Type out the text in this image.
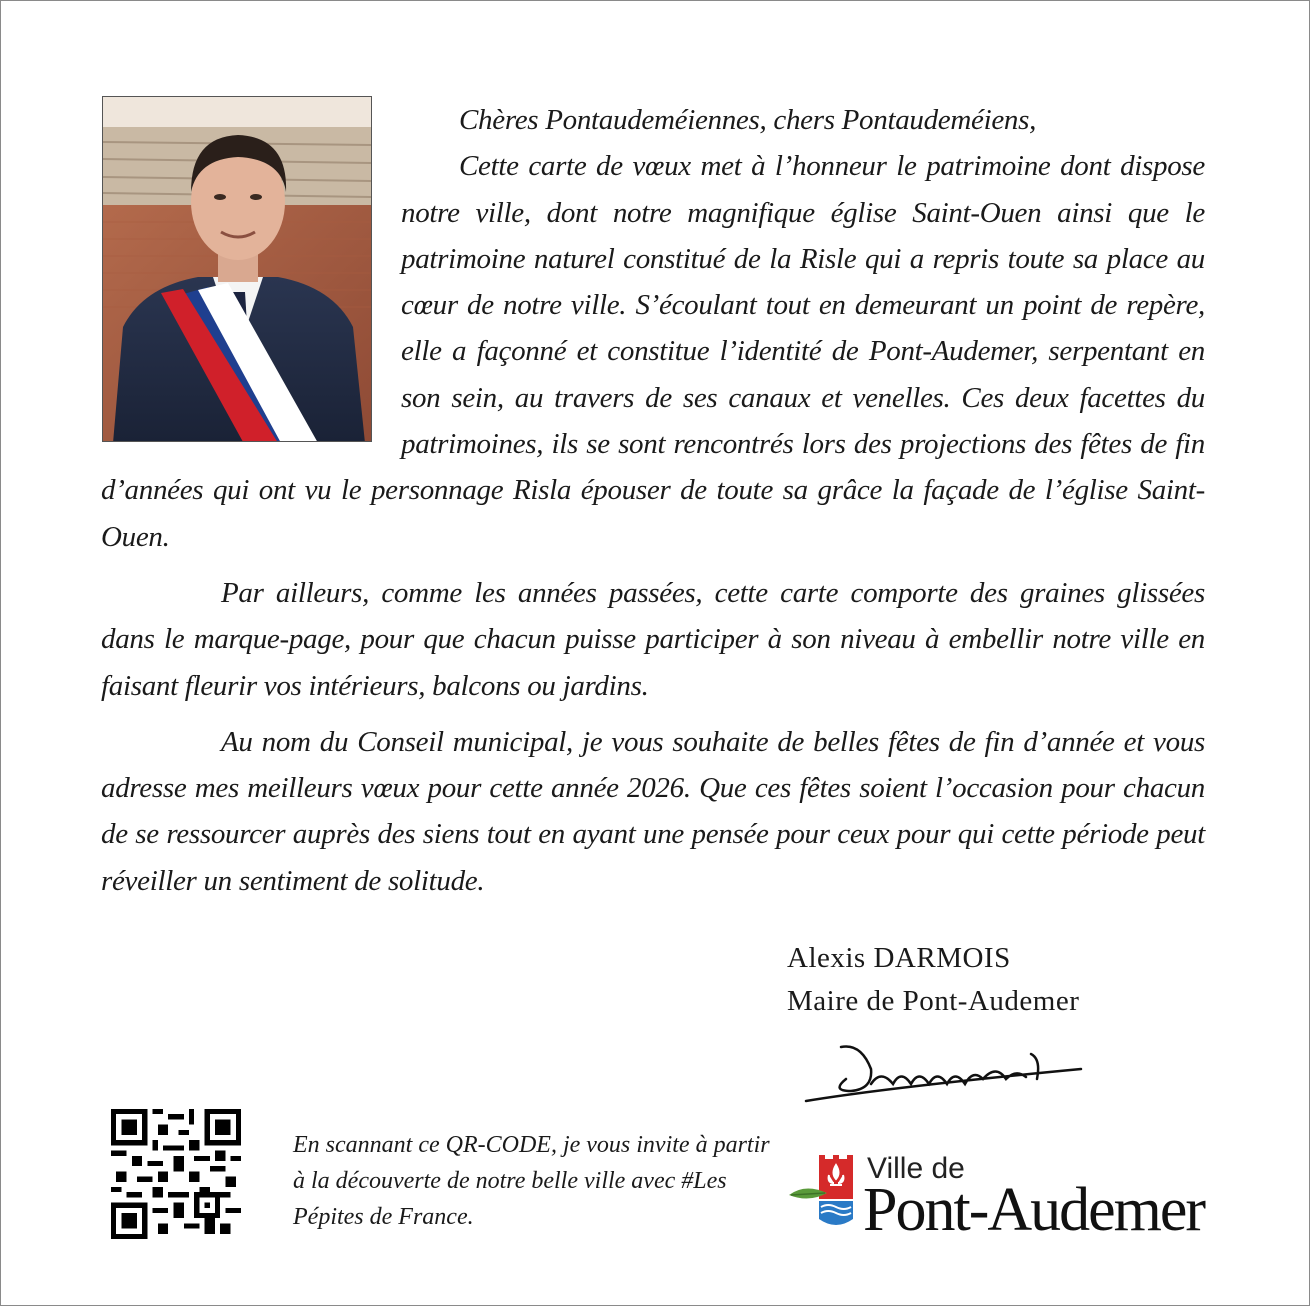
Chères Pontaudeméiennes, chers Pontaudeméiens,

Cette carte de vœux met à l’honneur le patrimoine dont dispose notre ville, dont notre magnifique église Saint-Ouen ainsi que le patrimoine naturel constitué de la Risle qui a repris toute sa place au cœur de notre ville. S’écoulant tout en demeurant un point de repère, elle a façonné et constitue l’identité de Pont-Audemer, serpentant en son sein, au travers de ses canaux et venelles. Ces deux facettes du patrimoines, ils se sont rencontrés lors des projections des fêtes de fin d’années qui ont vu le personnage Risla épouser de toute sa grâce la façade de l’église Saint-Ouen.

Par ailleurs, comme les années passées, cette carte comporte des graines glissées dans le marque-page, pour que chacun puisse participer à son niveau à embellir notre ville en faisant fleurir vos intérieurs, balcons ou jardins.

Au nom du Conseil municipal, je vous souhaite de belles fêtes de fin d’année et vous adresse mes meilleurs vœux pour cette année 2026. Que ces fêtes soient l’occasion pour chacun de se ressourcer auprès des siens tout en ayant une pensée pour ceux pour qui cette période peut réveiller un sentiment de solitude.

Alexis DARMOIS
Maire de Pont-Audemer
En scannant ce QR-CODE, je vous invite à partir à la découverte de notre belle ville avec #Les Pépites de France.
Ville de
Pont-Audemer
